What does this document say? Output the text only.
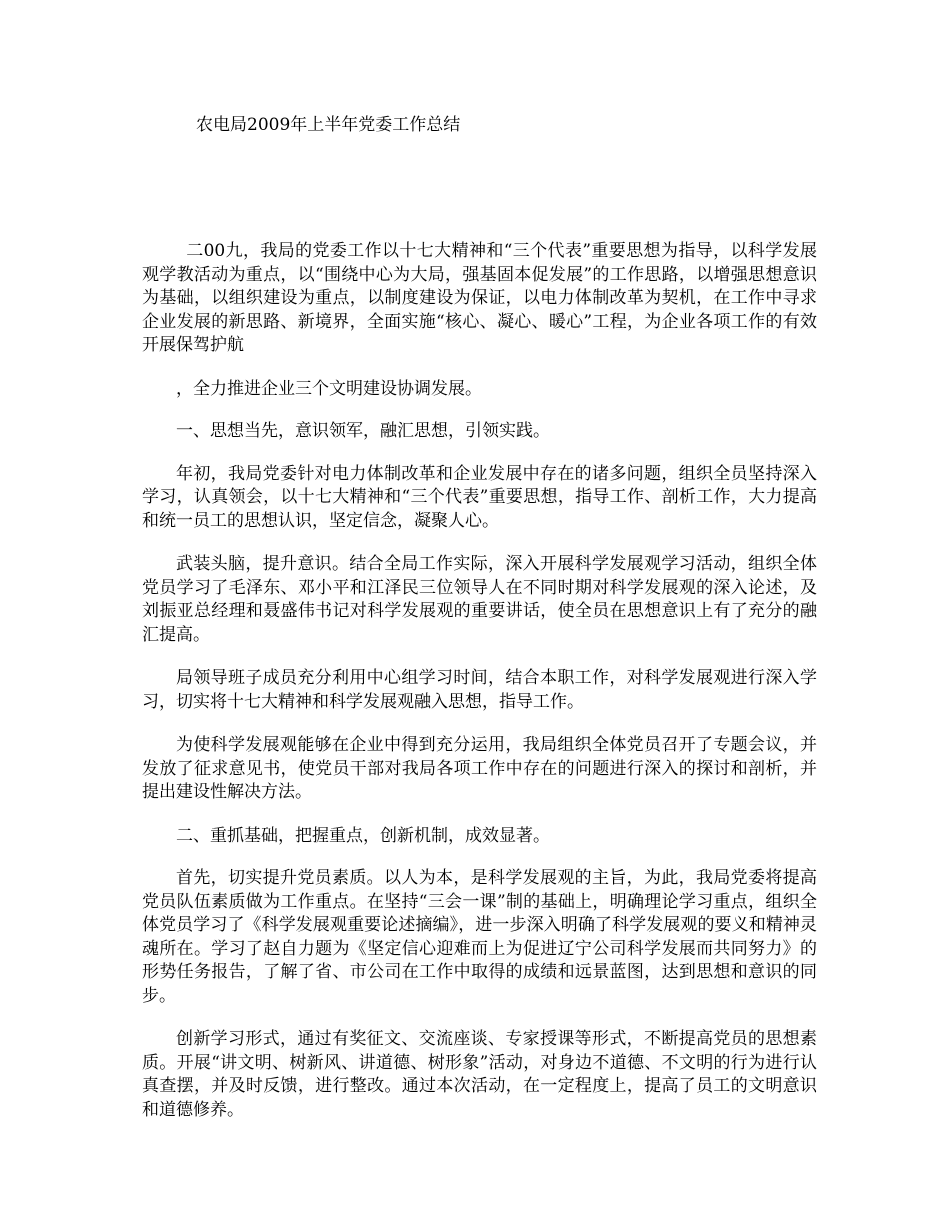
农电局2009年上半年党委工作总结

二00九，我局的党委工作以十七大精神和“三个代表”重要思想为指导，以科学发展观学教活动为重点，以“围绕中心为大局，强基固本促发展”的工作思路，以增强思想意识为基础，以组织建设为重点，以制度建设为保证，以电力体制改革为契机，在工作中寻求企业发展的新思路、新境界，全面实施“核心、凝心、暖心”工程，为企业各项工作的有效开展保驾护航

，全力推进企业三个文明建设协调发展。

一、思想当先，意识领军，融汇思想，引领实践。

年初，我局党委针对电力体制改革和企业发展中存在的诸多问题，组织全员坚持深入学习，认真领会，以十七大精神和“三个代表”重要思想，指导工作、剖析工作，大力提高和统一员工的思想认识，坚定信念，凝聚人心。

武装头脑，提升意识。结合全局工作实际，深入开展科学发展观学习活动，组织全体党员学习了毛泽东、邓小平和江泽民三位领导人在不同时期对科学发展观的深入论述，及刘振亚总经理和聂盛伟书记对科学发展观的重要讲话，使全员在思想意识上有了充分的融汇提高。

局领导班子成员充分利用中心组学习时间，结合本职工作，对科学发展观进行深入学习，切实将十七大精神和科学发展观融入思想，指导工作。

为使科学发展观能够在企业中得到充分运用，我局组织全体党员召开了专题会议，并发放了征求意见书，使党员干部对我局各项工作中存在的问题进行深入的探讨和剖析，并提出建设性解决方法。

二、重抓基础，把握重点，创新机制，成效显著。

首先，切实提升党员素质。以人为本，是科学发展观的主旨，为此，我局党委将提高党员队伍素质做为工作重点。在坚持“三会一课”制的基础上，明确理论学习重点，组织全体党员学习了《科学发展观重要论述摘编》，进一步深入明确了科学发展观的要义和精神灵魂所在。学习了赵自力题为《坚定信心迎难而上为促进辽宁公司科学发展而共同努力》的形势任务报告，了解了省、市公司在工作中取得的成绩和远景蓝图，达到思想和意识的同步。

创新学习形式，通过有奖征文、交流座谈、专家授课等形式，不断提高党员的思想素质。开展“讲文明、树新风、讲道德、树形象”活动，对身边不道德、不文明的行为进行认真查摆，并及时反馈，进行整改。通过本次活动，在一定程度上，提高了员工的文明意识和道德修养。
